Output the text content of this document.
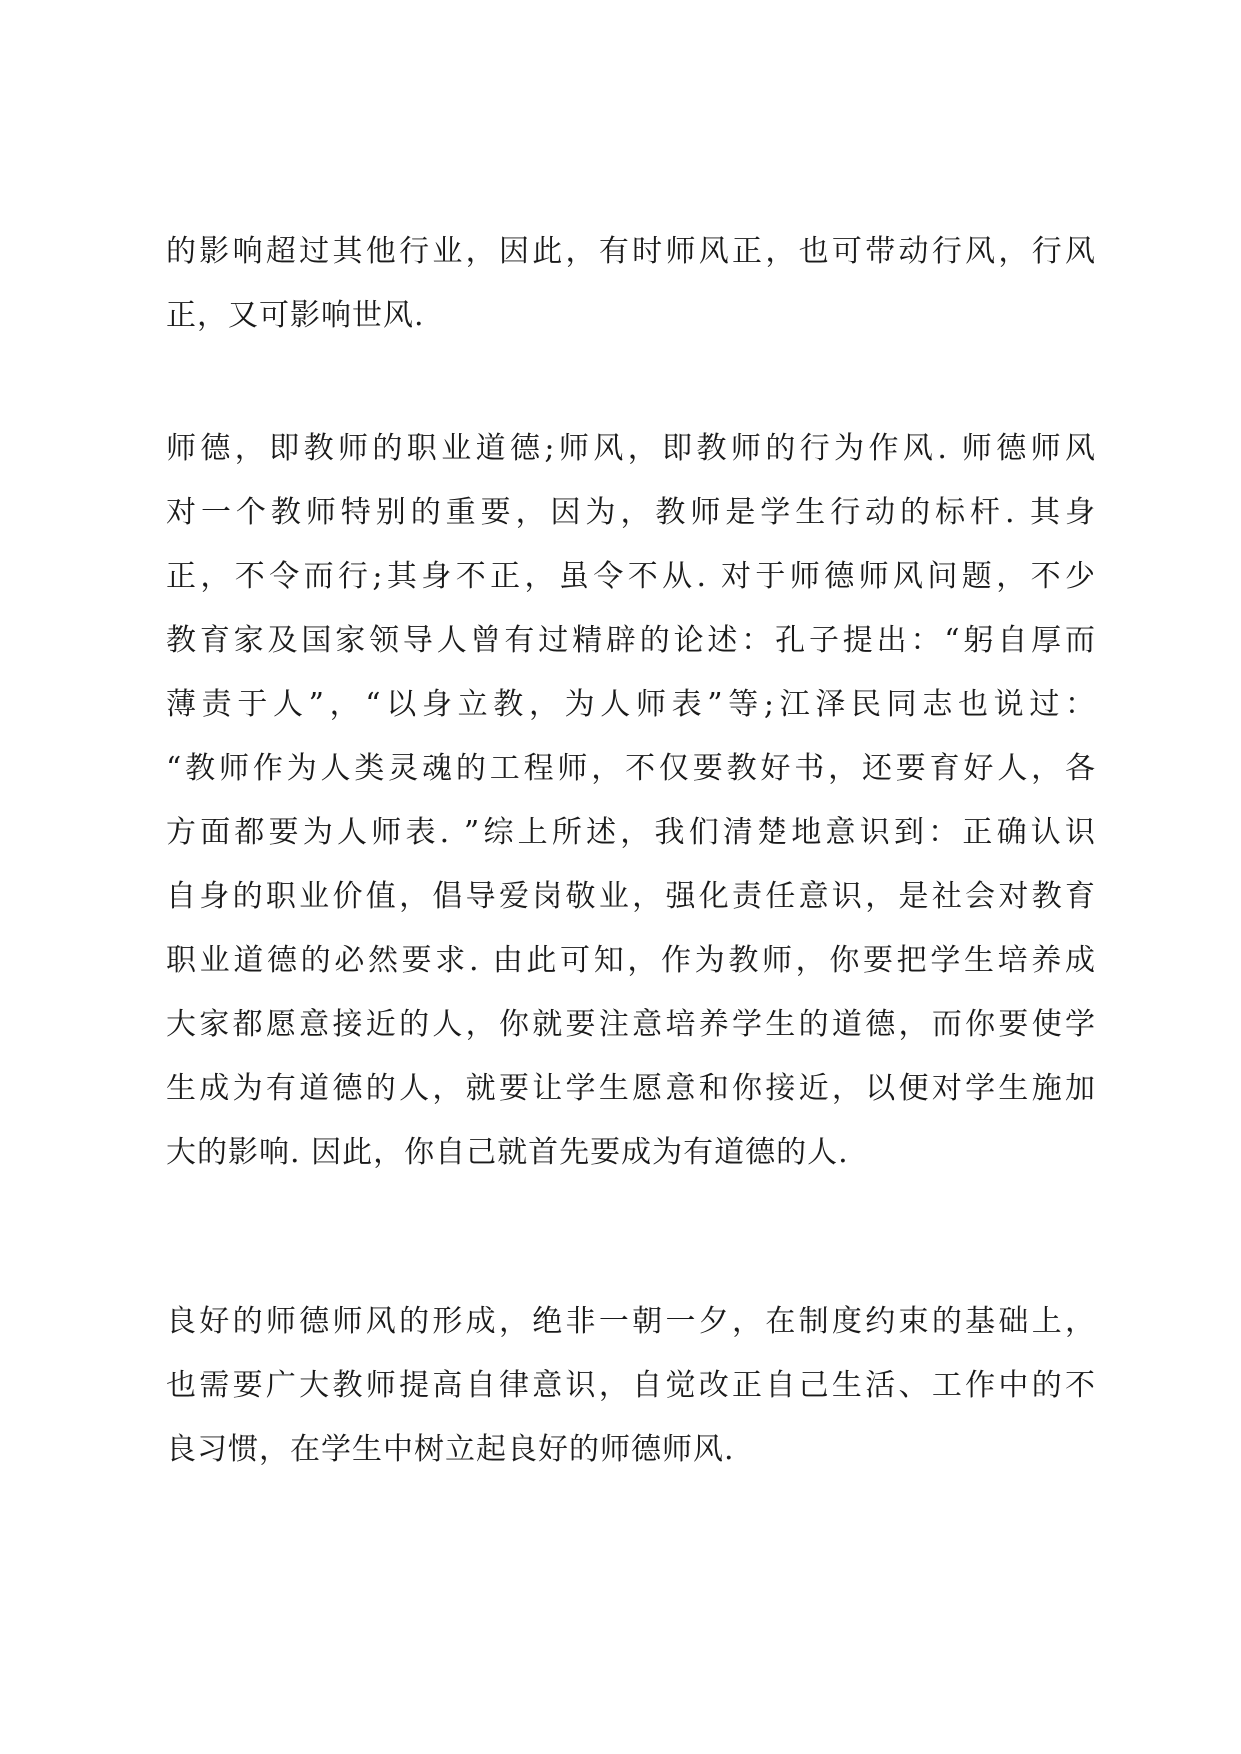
的影响超过其他行业，因此，有时师风正，也可带动行风，行风
正，又可影响世风.
师德，即教师的职业道德;师风，即教师的行为作风. 师德师风
对一个教师特别的重要，因为，教师是学生行动的标杆. 其身
正，不令而行;其身不正，虽令不从. 对于师德师风问题，不少
教育家及国家领导人曾有过精辟的论述：孔子提出：“躬自厚而
薄责于人”，“以身立教，为人师表”等;江泽民同志也说过：
“教师作为人类灵魂的工程师，不仅要教好书，还要育好人，各
方面都要为人师表. ”综上所述，我们清楚地意识到：正确认识
自身的职业价值，倡导爱岗敬业，强化责任意识，是社会对教育
职业道德的必然要求. 由此可知，作为教师，你要把学生培养成
大家都愿意接近的人，你就要注意培养学生的道德，而你要使学
生成为有道德的人，就要让学生愿意和你接近，以便对学生施加
大的影响. 因此，你自己就首先要成为有道德的人.
良好的师德师风的形成，绝非一朝一夕，在制度约束的基础上，
也需要广大教师提高自律意识，自觉改正自己生活、工作中的不
良习惯，在学生中树立起良好的师德师风.
